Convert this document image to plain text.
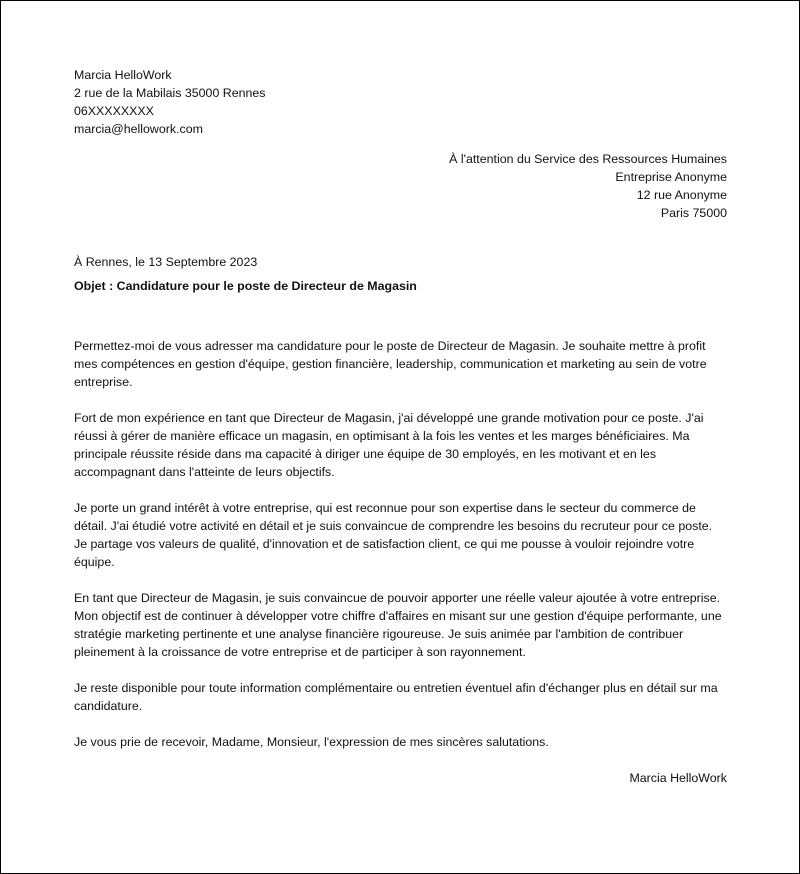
Marcia HelloWork
2 rue de la Mabilais 35000 Rennes
06XXXXXXXX
marcia@hellowork.com
À l'attention du Service des Ressources Humaines
Entreprise Anonyme
12 rue Anonyme
Paris 75000
À Rennes, le 13 Septembre 2023
Objet : Candidature pour le poste de Directeur de Magasin

Permettez-moi de vous adresser ma candidature pour le poste de Directeur de Magasin. Je souhaite mettre à profit mes compétences en gestion d'équipe, gestion financière, leadership, communication et marketing au sein de votre entreprise.

Fort de mon expérience en tant que Directeur de Magasin, j'ai développé une grande motivation pour ce poste. J'ai réussi à gérer de manière efficace un magasin, en optimisant à la fois les ventes et les marges bénéficiaires. Ma principale réussite réside dans ma capacité à diriger une équipe de 30 employés, en les motivant et en les accompagnant dans l'atteinte de leurs objectifs.

Je porte un grand intérêt à votre entreprise, qui est reconnue pour son expertise dans le secteur du commerce de détail. J'ai étudié votre activité en détail et je suis convaincue de comprendre les besoins du recruteur pour ce poste. Je partage vos valeurs de qualité, d'innovation et de satisfaction client, ce qui me pousse à vouloir rejoindre votre équipe.

En tant que Directeur de Magasin, je suis convaincue de pouvoir apporter une réelle valeur ajoutée à votre entreprise. Mon objectif est de continuer à développer votre chiffre d'affaires en misant sur une gestion d'équipe performante, une stratégie marketing pertinente et une analyse financière rigoureuse. Je suis animée par l'ambition de contribuer pleinement à la croissance de votre entreprise et de participer à son rayonnement.

Je reste disponible pour toute information complémentaire ou entretien éventuel afin d'échanger plus en détail sur ma candidature.

Je vous prie de recevoir, Madame, Monsieur, l'expression de mes sincères salutations.

Marcia HelloWork
